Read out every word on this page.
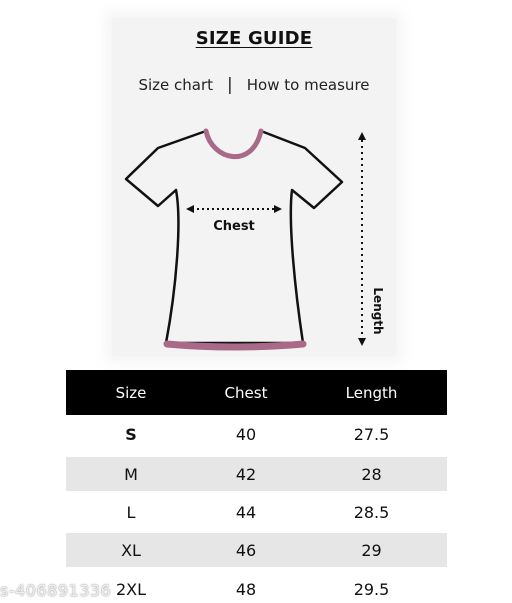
SIZE GUIDE
Size chart | How to measure
Chest
Length
Size	Chest	Length
S	40	27.5
M	42	28
L	44	28.5
XL	46	29
2XL	48	29.5
s-406891336
